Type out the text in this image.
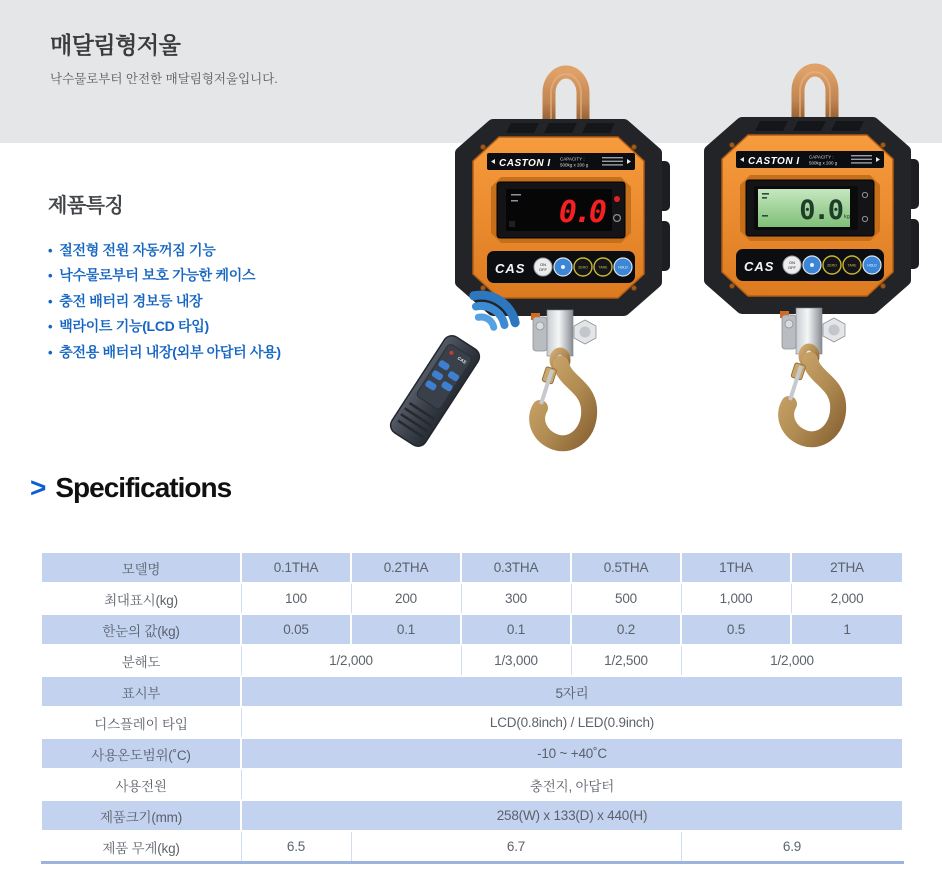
매달림형저울

낙수물로부터 안전한 매달림형저울입니다.

제품특징
• 절전형 전원 자동꺼짐 기능
• 낙수물로부터 보호 가능한 케이스
• 충전 배터리 경보등 내장
• 백라이트 기능(LCD 타입)
• 충전용 배터리 내장(외부 아답터 사용)
CASTON I CAPACITY :
500kg x 200 g
0.0
CAS	ON
OFF	ZERO	TARE	HOLD
CASTON I CAPACITY :
500kg x 200 g
0.0 kg
CAS	ON
OFF	ZERO	TARE	HOLD
CAS
> Specifications
모델명	0.1THA	0.2THA	0.3THA	0.5THA	1THA	2THA
최대표시(kg)	100	200	300	500	1,000	2,000
한눈의 값(kg)	0.05	0.1	0.1	0.2	0.5	1
분해도	1/2,000		1/3,000	1/2,500	1/2,000	
표시부	5자리					
디스플레이 타입	LCD(0.8inch) / LED(0.9inch)					
사용온도범위(˚C)	-10 ~ +40˚C					
사용전원	충전지, 아답터					
제품크기(mm)	258(W) x 133(D) x 440(H)					
제품 무게(kg)	6.5	6.7			6.9	
